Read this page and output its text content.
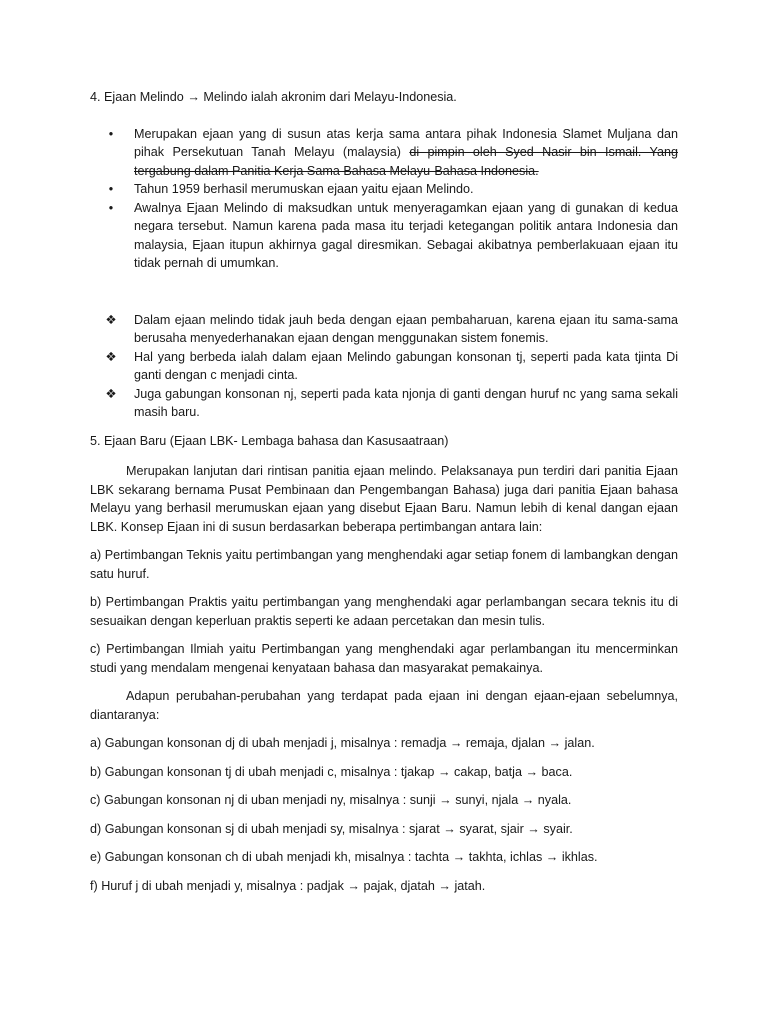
4. Ejaan Melindo → Melindo ialah akronim dari Melayu-Indonesia.

•	Merupakan ejaan yang di susun atas kerja sama antara pihak Indonesia Slamet Muljana dan pihak Persekutuan Tanah Melayu (malaysia) di pimpin oleh Syed Nasir bin Ismail. Yang tergabung dalam Panitia Kerja Sama Bahasa Melayu-Bahasa Indonesia.
•	Tahun 1959 berhasil merumuskan ejaan yaitu ejaan Melindo.
•	Awalnya Ejaan Melindo di maksudkan untuk menyeragamkan ejaan yang di gunakan di kedua negara tersebut. Namun karena pada masa itu terjadi ketegangan politik antara Indonesia dan malaysia, Ejaan itupun akhirnya gagal diresmikan. Sebagai akibatnya pemberlakuaan ejaan itu tidak pernah di umumkan.
❖ Dalam ejaan melindo tidak jauh beda dengan ejaan pembaharuan, karena ejaan itu sama-sama berusaha menyederhanakan ejaan dengan menggunakan sistem fonemis.
❖ Hal yang berbeda ialah dalam ejaan Melindo gabungan konsonan tj, seperti pada kata tjinta Di ganti dengan c menjadi cinta.
❖ Juga gabungan konsonan nj, seperti pada kata njonja di ganti dengan huruf nc yang sama sekali masih baru.

5. Ejaan Baru (Ejaan LBK- Lembaga bahasa dan Kasusaatraan)

Merupakan lanjutan dari rintisan panitia ejaan melindo. Pelaksanaya pun terdiri dari panitia Ejaan LBK sekarang bernama Pusat Pembinaan dan Pengembangan Bahasa) juga dari panitia Ejaan bahasa Melayu yang berhasil merumuskan ejaan yang disebut Ejaan Baru. Namun lebih di kenal dangan ejaan LBK. Konsep Ejaan ini di susun berdasarkan beberapa pertimbangan antara lain:

a) Pertimbangan Teknis yaitu pertimbangan yang menghendaki agar setiap fonem di lambangkan dengan satu huruf.

b) Pertimbangan Praktis yaitu pertimbangan yang menghendaki agar perlambangan secara teknis itu di sesuaikan dengan keperluan praktis seperti ke adaan percetakan dan mesin tulis.

c) Pertimbangan Ilmiah yaitu Pertimbangan yang menghendaki agar perlambangan itu mencerminkan studi yang mendalam mengenai kenyataan bahasa dan masyarakat pemakainya.

Adapun perubahan-perubahan yang terdapat pada ejaan ini dengan ejaan-ejaan sebelumnya, diantaranya:

a) Gabungan konsonan dj di ubah menjadi j, misalnya : remadja → remaja, djalan → jalan.

b) Gabungan konsonan tj di ubah menjadi c, misalnya : tjakap → cakap, batja → baca.

c) Gabungan konsonan nj di uban menjadi ny, misalnya : sunji → sunyi, njala → nyala.

d) Gabungan konsonan sj di ubah menjadi sy, misalnya : sjarat → syarat, sjair → syair.

e) Gabungan konsonan ch di ubah menjadi kh, misalnya : tachta → takhta, ichlas → ikhlas.

f) Huruf j di ubah menjadi y, misalnya : padjak → pajak, djatah → jatah.
